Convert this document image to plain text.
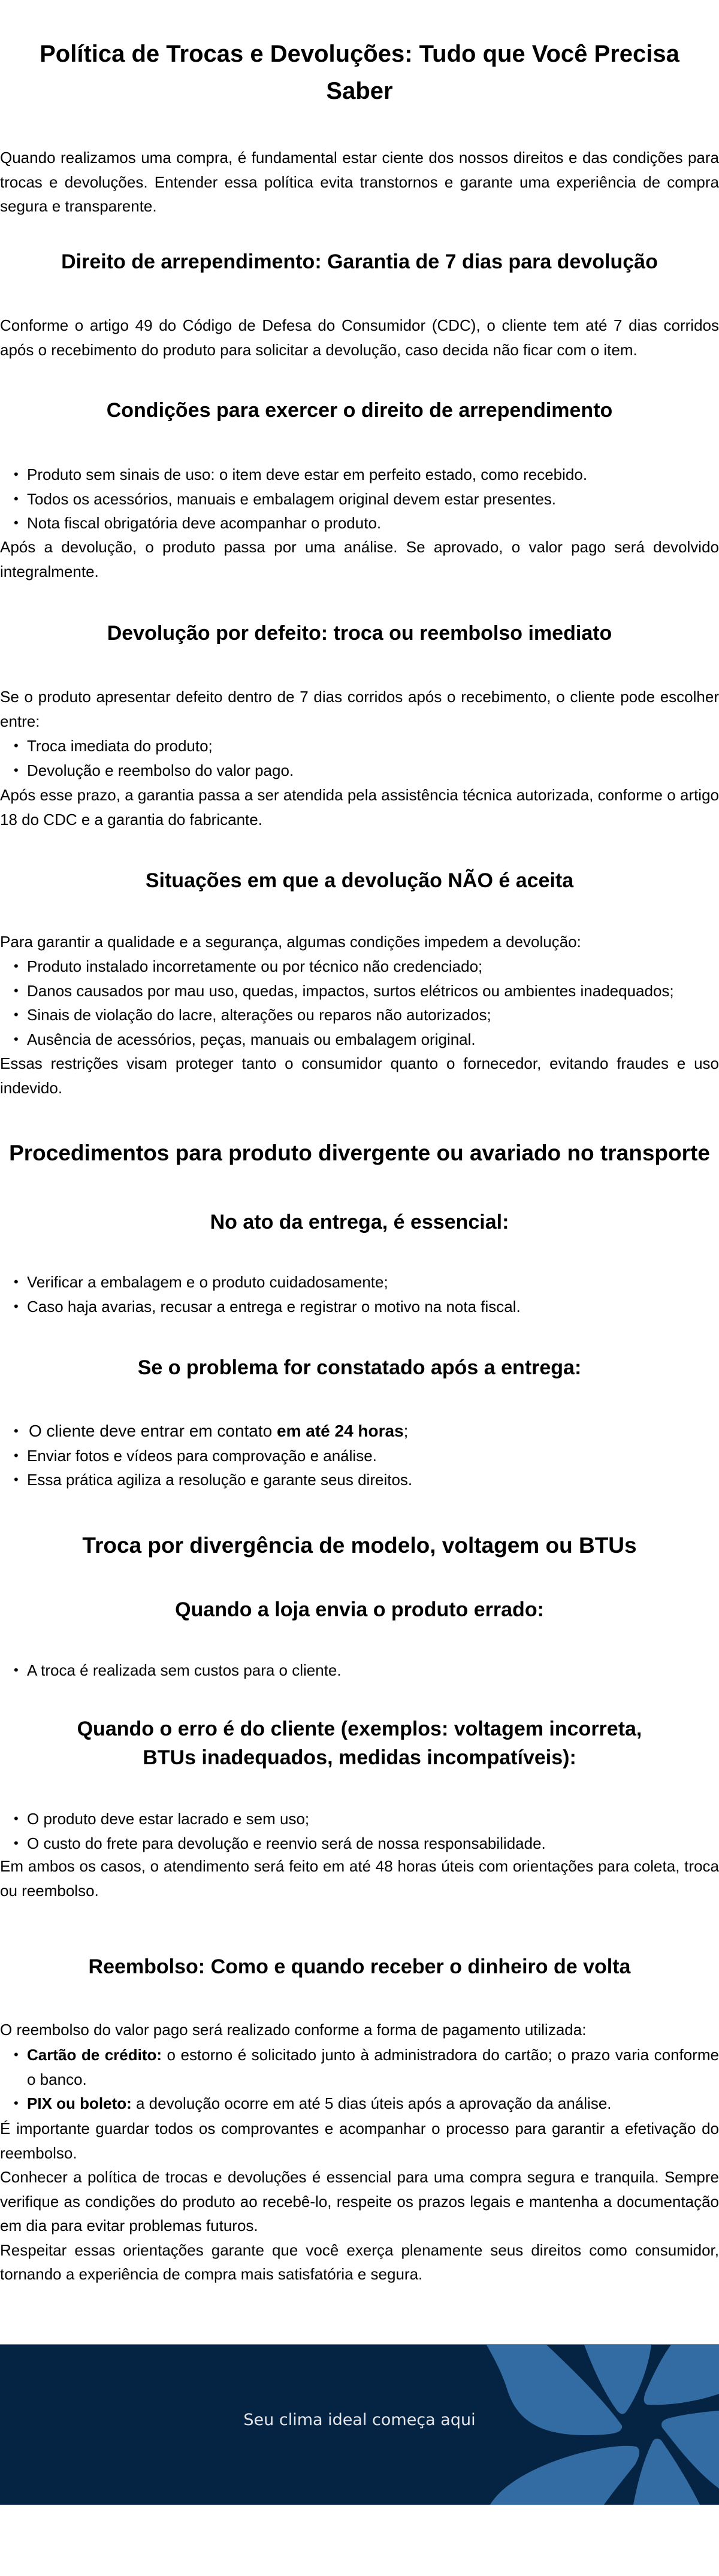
Política de Trocas e Devoluções: Tudo que Você Precisa Saber

Quando realizamos uma compra, é fundamental estar ciente dos nossos direitos e das condições para trocas e devoluções. Entender essa política evita transtornos e garante uma experiência de compra segura e transparente.

Direito de arrependimento: Garantia de 7 dias para devolução

Conforme o artigo 49 do Código de Defesa do Consumidor (CDC), o cliente tem até 7 dias corridos após o recebimento do produto para solicitar a devolução, caso decida não ficar com o item.

Condições para exercer o direito de arrependimento
• Produto sem sinais de uso: o item deve estar em perfeito estado, como recebido.
• Todos os acessórios, manuais e embalagem original devem estar presentes.
• Nota fiscal obrigatória deve acompanhar o produto.

Após a devolução, o produto passa por uma análise. Se aprovado, o valor pago será devolvido integralmente.

Devolução por defeito: troca ou reembolso imediato

Se o produto apresentar defeito dentro de 7 dias corridos após o recebimento, o cliente pode escolher entre:

• Troca imediata do produto;
• Devolução e reembolso do valor pago.

Após esse prazo, a garantia passa a ser atendida pela assistência técnica autorizada, conforme o artigo 18 do CDC e a garantia do fabricante.

Situações em que a devolução NÃO é aceita

Para garantir a qualidade e a segurança, algumas condições impedem a devolução:

• Produto instalado incorretamente ou por técnico não credenciado;
• Danos causados por mau uso, quedas, impactos, surtos elétricos ou ambientes inadequados;
• Sinais de violação do lacre, alterações ou reparos não autorizados;
• Ausência de acessórios, peças, manuais ou embalagem original.

Essas restrições visam proteger tanto o consumidor quanto o fornecedor, evitando fraudes e uso indevido.

Procedimentos para produto divergente ou avariado no transporte
No ato da entrega, é essencial:
• Verificar a embalagem e o produto cuidadosamente;
• Caso haja avarias, recusar a entrega e registrar o motivo na nota fiscal.
Se o problema for constatado após a entrega:
• O cliente deve entrar em contato em até 24 horas;
• Enviar fotos e vídeos para comprovação e análise.
• Essa prática agiliza a resolução e garante seus direitos.
Troca por divergência de modelo, voltagem ou BTUs
Quando a loja envia o produto errado:
• A troca é realizada sem custos para o cliente.
Quando o erro é do cliente (exemplos: voltagem incorreta, BTUs inadequados, medidas incompatíveis):
• O produto deve estar lacrado e sem uso;
• O custo do frete para devolução e reenvio será de nossa responsabilidade.

Em ambos os casos, o atendimento será feito em até 48 horas úteis com orientações para coleta, troca ou reembolso.

Reembolso: Como e quando receber o dinheiro de volta

O reembolso do valor pago será realizado conforme a forma de pagamento utilizada:

• Cartão de crédito: o estorno é solicitado junto à administradora do cartão; o prazo varia conforme o banco.
• PIX ou boleto: a devolução ocorre em até 5 dias úteis após a aprovação da análise.

É importante guardar todos os comprovantes e acompanhar o processo para garantir a efetivação do reembolso.

Conhecer a política de trocas e devoluções é essencial para uma compra segura e tranquila. Sempre verifique as condições do produto ao recebê-lo, respeite os prazos legais e mantenha a documentação em dia para evitar problemas futuros.

Respeitar essas orientações garante que você exerça plenamente seus direitos como consumidor, tornando a experiência de compra mais satisfatória e segura.

Seu clima ideal começa aqui
